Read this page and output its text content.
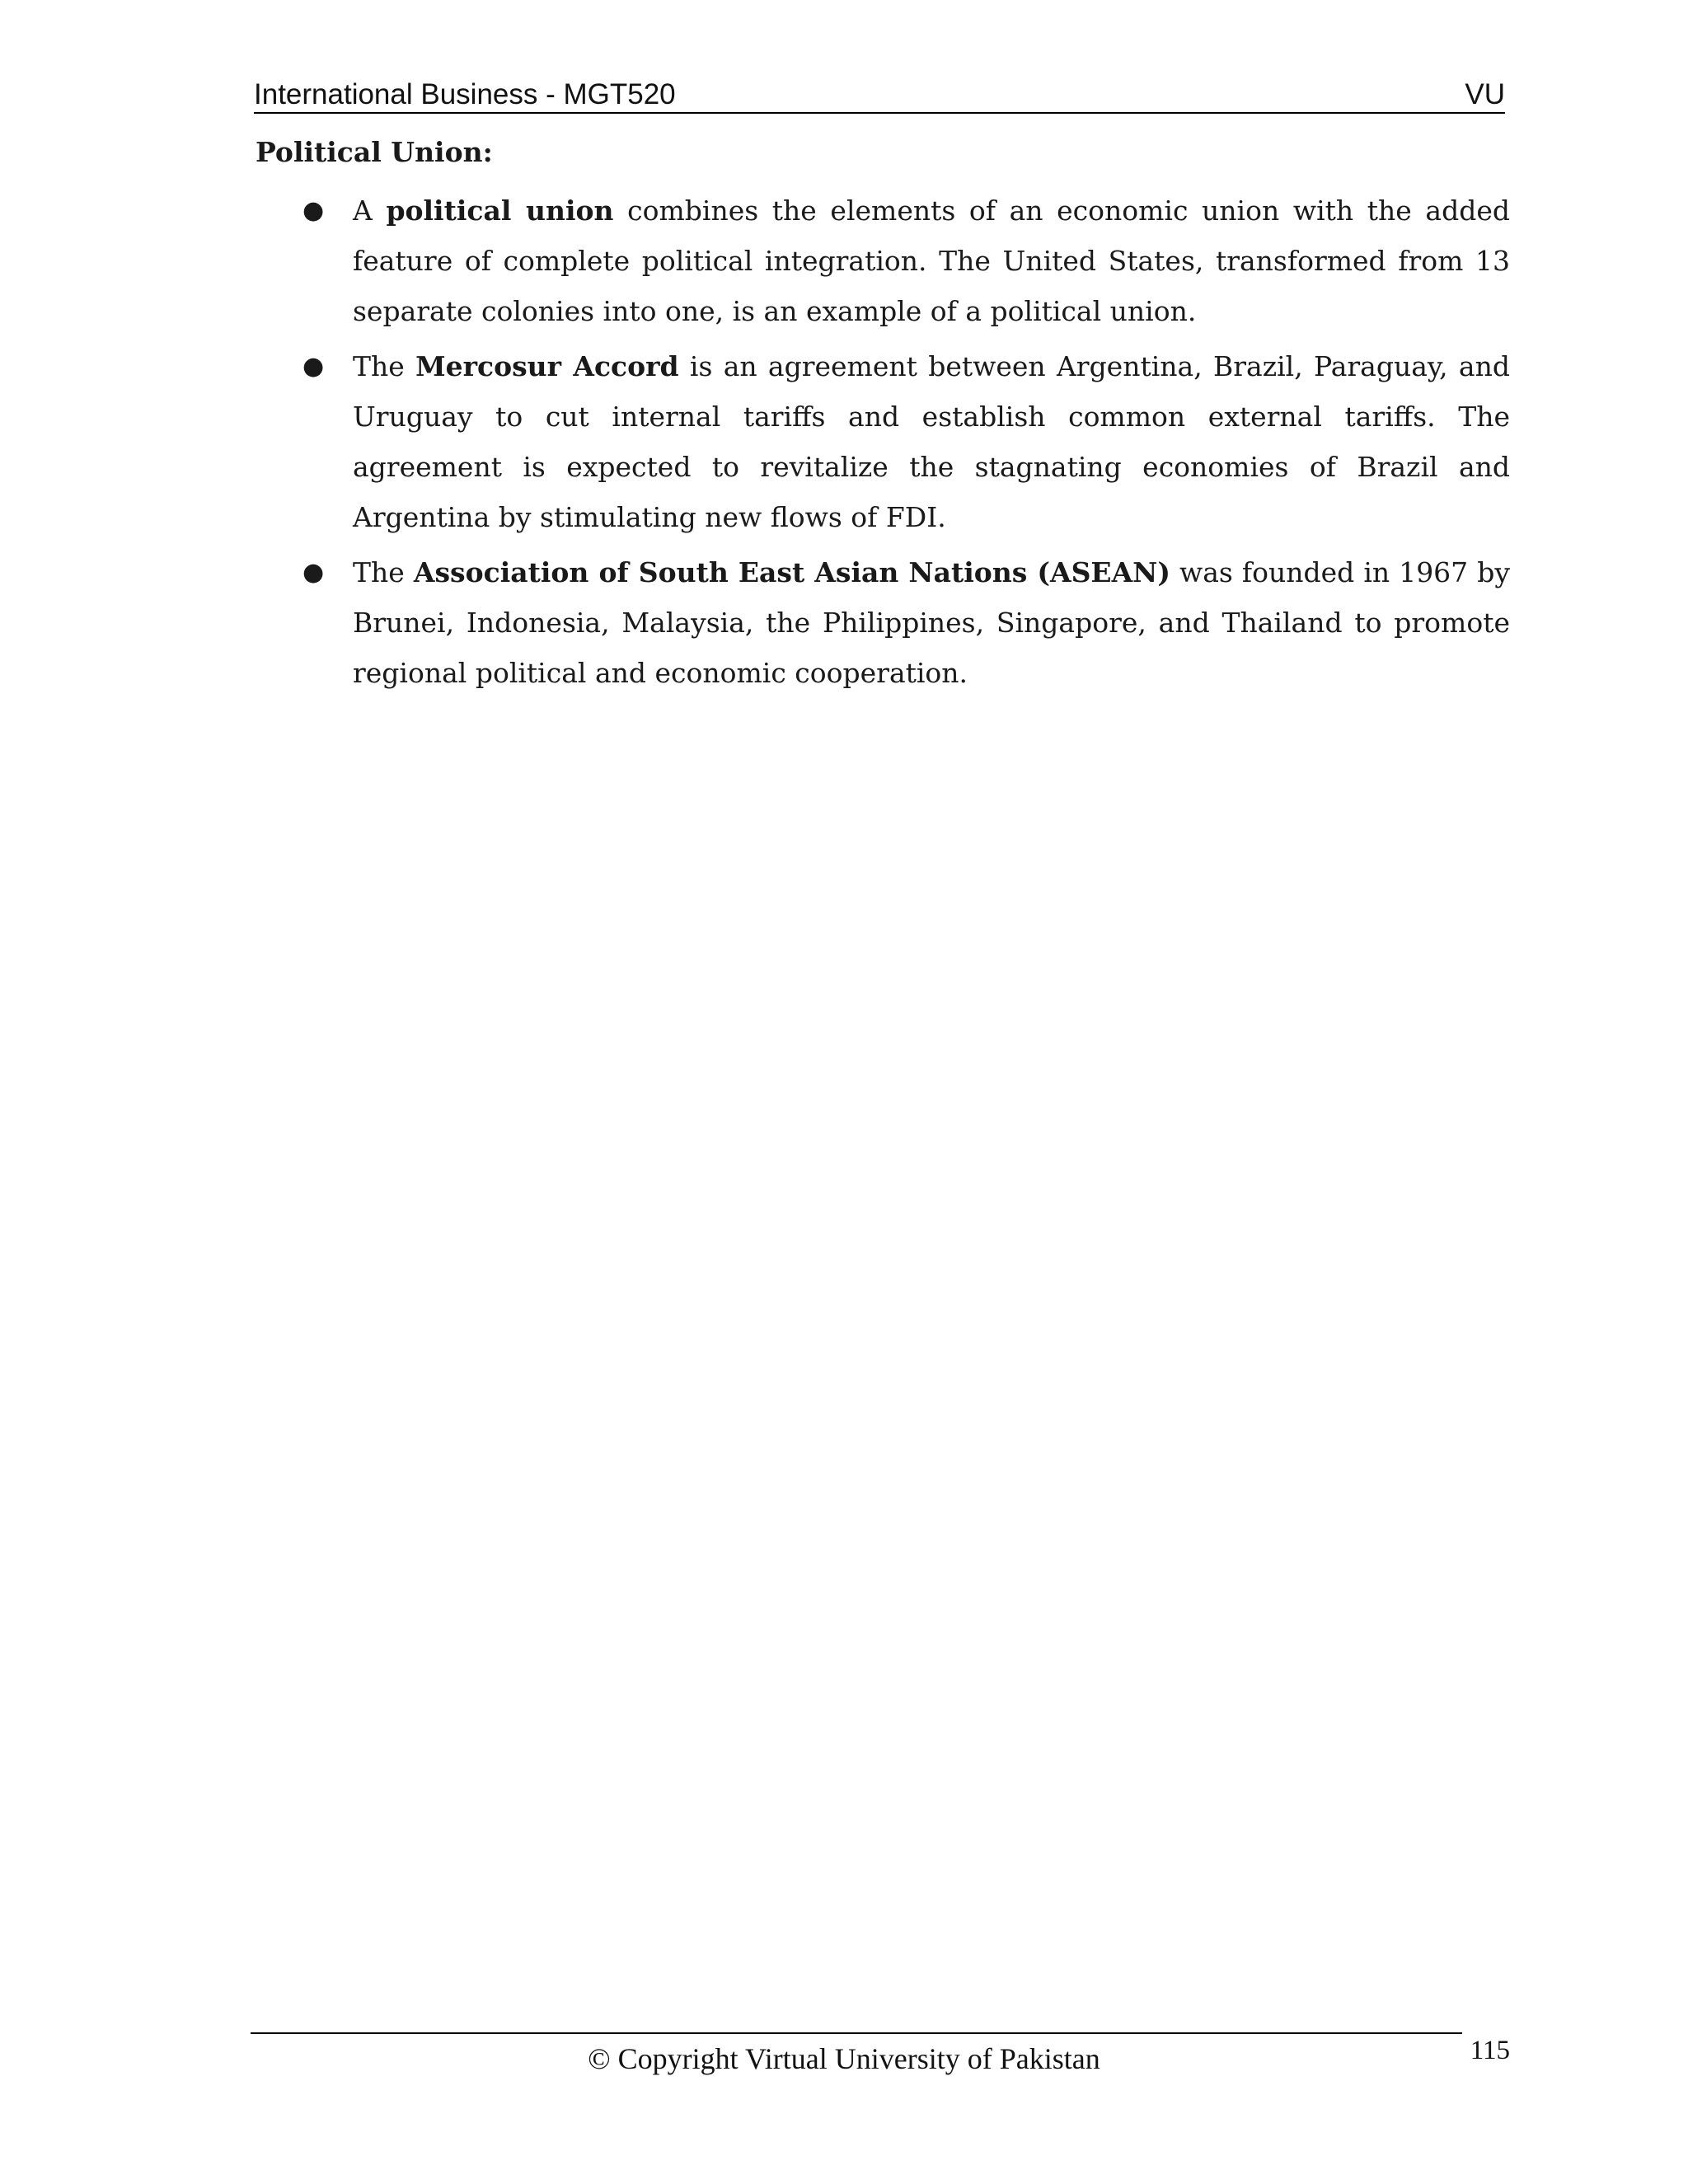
International Business - MGT520	VU
Political Union:
● A political union combines the elements of an economic union with the added feature of complete political integration. The United States, transformed from 13 separate colonies into one, is an example of a political union.
● The Mercosur Accord is an agreement between Argentina, Brazil, Paraguay, and Uruguay to cut internal tariffs and establish common external tariffs. The agreement is expected to revitalize the stagnating economies of Brazil and Argentina by stimulating new flows of FDI.
● The Association of South East Asian Nations (ASEAN) was founded in 1967 by Brunei, Indonesia, Malaysia, the Philippines, Singapore, and Thailand to promote regional political and economic cooperation.
© Copyright Virtual University of Pakistan	115
